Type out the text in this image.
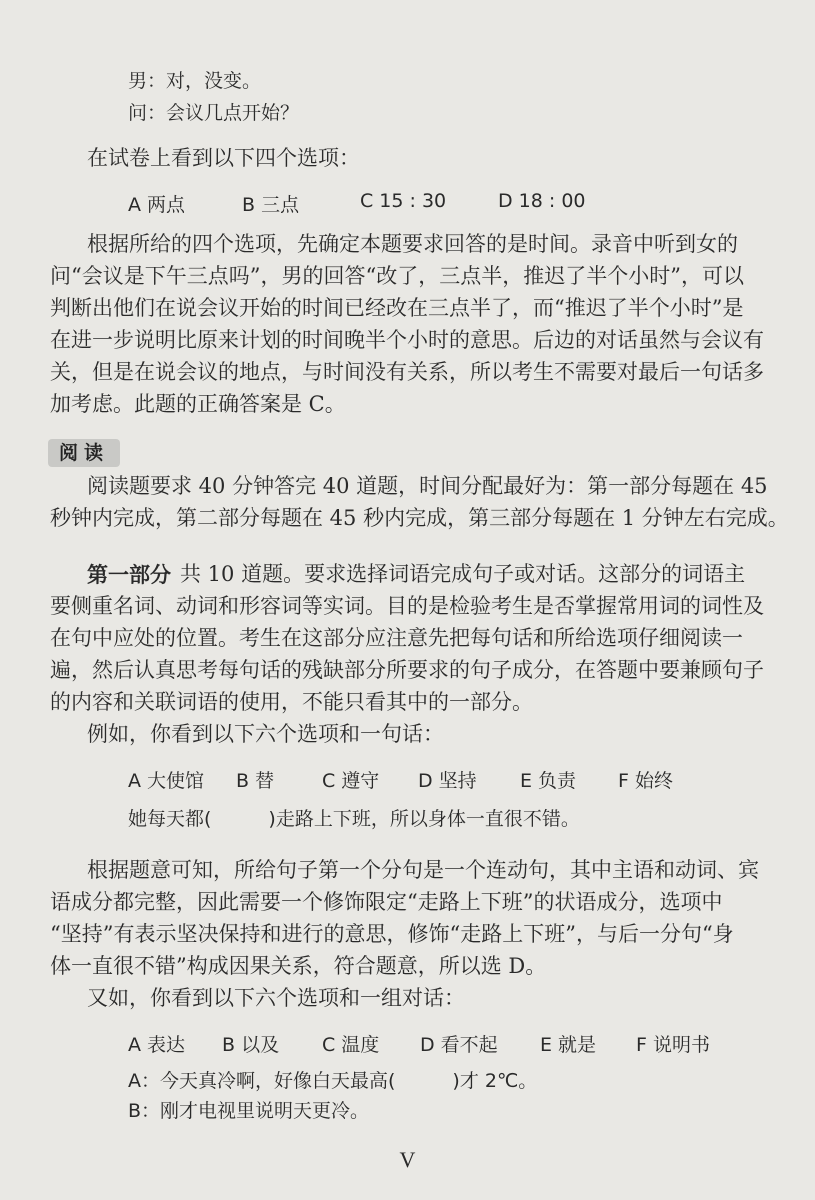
男：对，没变。
问：会议几点开始？
在试卷上看到以下四个选项：
A 两点	B 三点	C 15 : 30	D 18 : 00
根据所给的四个选项，先确定本题要求回答的是时间。录音中听到女的
问“会议是下午三点吗”，男的回答“改了，三点半，推迟了半个小时”，可以
判断出他们在说会议开始的时间已经改在三点半了，而“推迟了半个小时”是
在进一步说明比原来计划的时间晚半个小时的意思。后边的对话虽然与会议有
关，但是在说会议的地点，与时间没有关系，所以考生不需要对最后一句话多
加考虑。此题的正确答案是 C。
阅读
阅读题要求 40 分钟答完 40 道题，时间分配最好为：第一部分每题在 45
秒钟内完成，第二部分每题在 45 秒内完成，第三部分每题在 1 分钟左右完成。
第一部分 共 10 道题。要求选择词语完成句子或对话。这部分的词语主
要侧重名词、动词和形容词等实词。目的是检验考生是否掌握常用词的词性及
在句中应处的位置。考生在这部分应注意先把每句话和所给选项仔细阅读一
遍，然后认真思考每句话的残缺部分所要求的句子成分，在答题中要兼顾句子
的内容和关联词语的使用，不能只看其中的一部分。
例如，你看到以下六个选项和一句话：
A 大使馆 B 替	C 遵守 D 坚持 E 负责 F 始终
她每天都(　　　)走路上下班，所以身体一直很不错。
根据题意可知，所给句子第一个分句是一个连动句，其中主语和动词、宾
语成分都完整，因此需要一个修饰限定“走路上下班”的状语成分，选项中
“坚持”有表示坚决保持和进行的意思，修饰“走路上下班”，与后一分句“身
体一直很不错”构成因果关系，符合题意，所以选 D。
又如，你看到以下六个选项和一组对话：
A 表达 B 以及 C 温度 D 看不起 E 就是 F 说明书
A：今天真冷啊，好像白天最高(　　　)才 2℃。
B：刚才电视里说明天更冷。
V
